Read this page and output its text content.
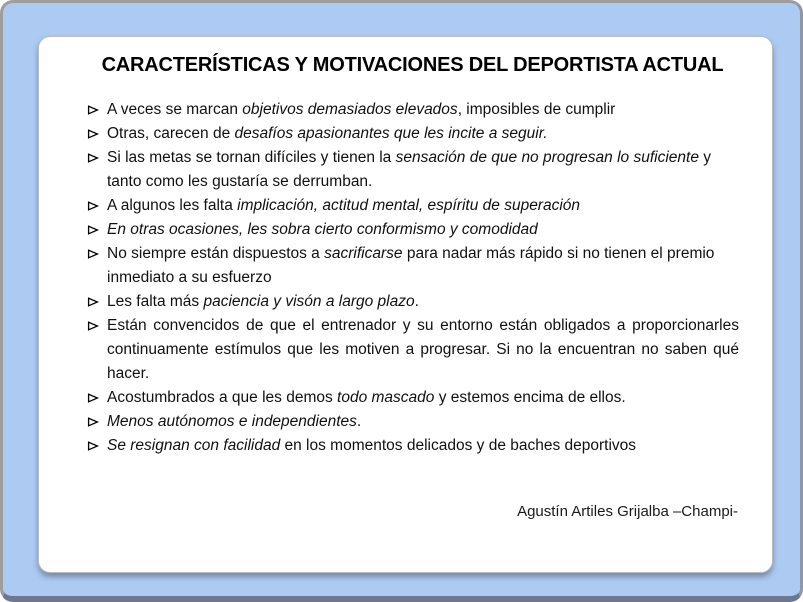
CARACTERÍSTICAS Y MOTIVACIONES DEL DEPORTISTA ACTUAL
A veces se marcan objetivos demasiados elevados, imposibles de cumplir
Otras, carecen de desafíos apasionantes que les incite a seguir.
Si las metas se tornan difíciles y tienen la sensación de que no progresan lo suficiente y tanto como les gustaría se derrumban.
A algunos les falta implicación, actitud mental, espíritu de superación
En otras ocasiones, les sobra cierto conformismo y comodidad
No siempre están dispuestos a sacrificarse para nadar más rápido si no tienen el premio inmediato a su esfuerzo
Les falta más paciencia y visón a largo plazo.
Están convencidos de que el entrenador y su entorno están obligados a proporcionarles continuamente estímulos que les motiven a progresar. Si no la encuentran no saben qué hacer.
Acostumbrados a que les demos todo mascado y estemos encima de ellos.
Menos autónomos e independientes.
Se resignan con facilidad en los momentos delicados y de baches deportivos
Agustín Artiles Grijalba –Champi-
